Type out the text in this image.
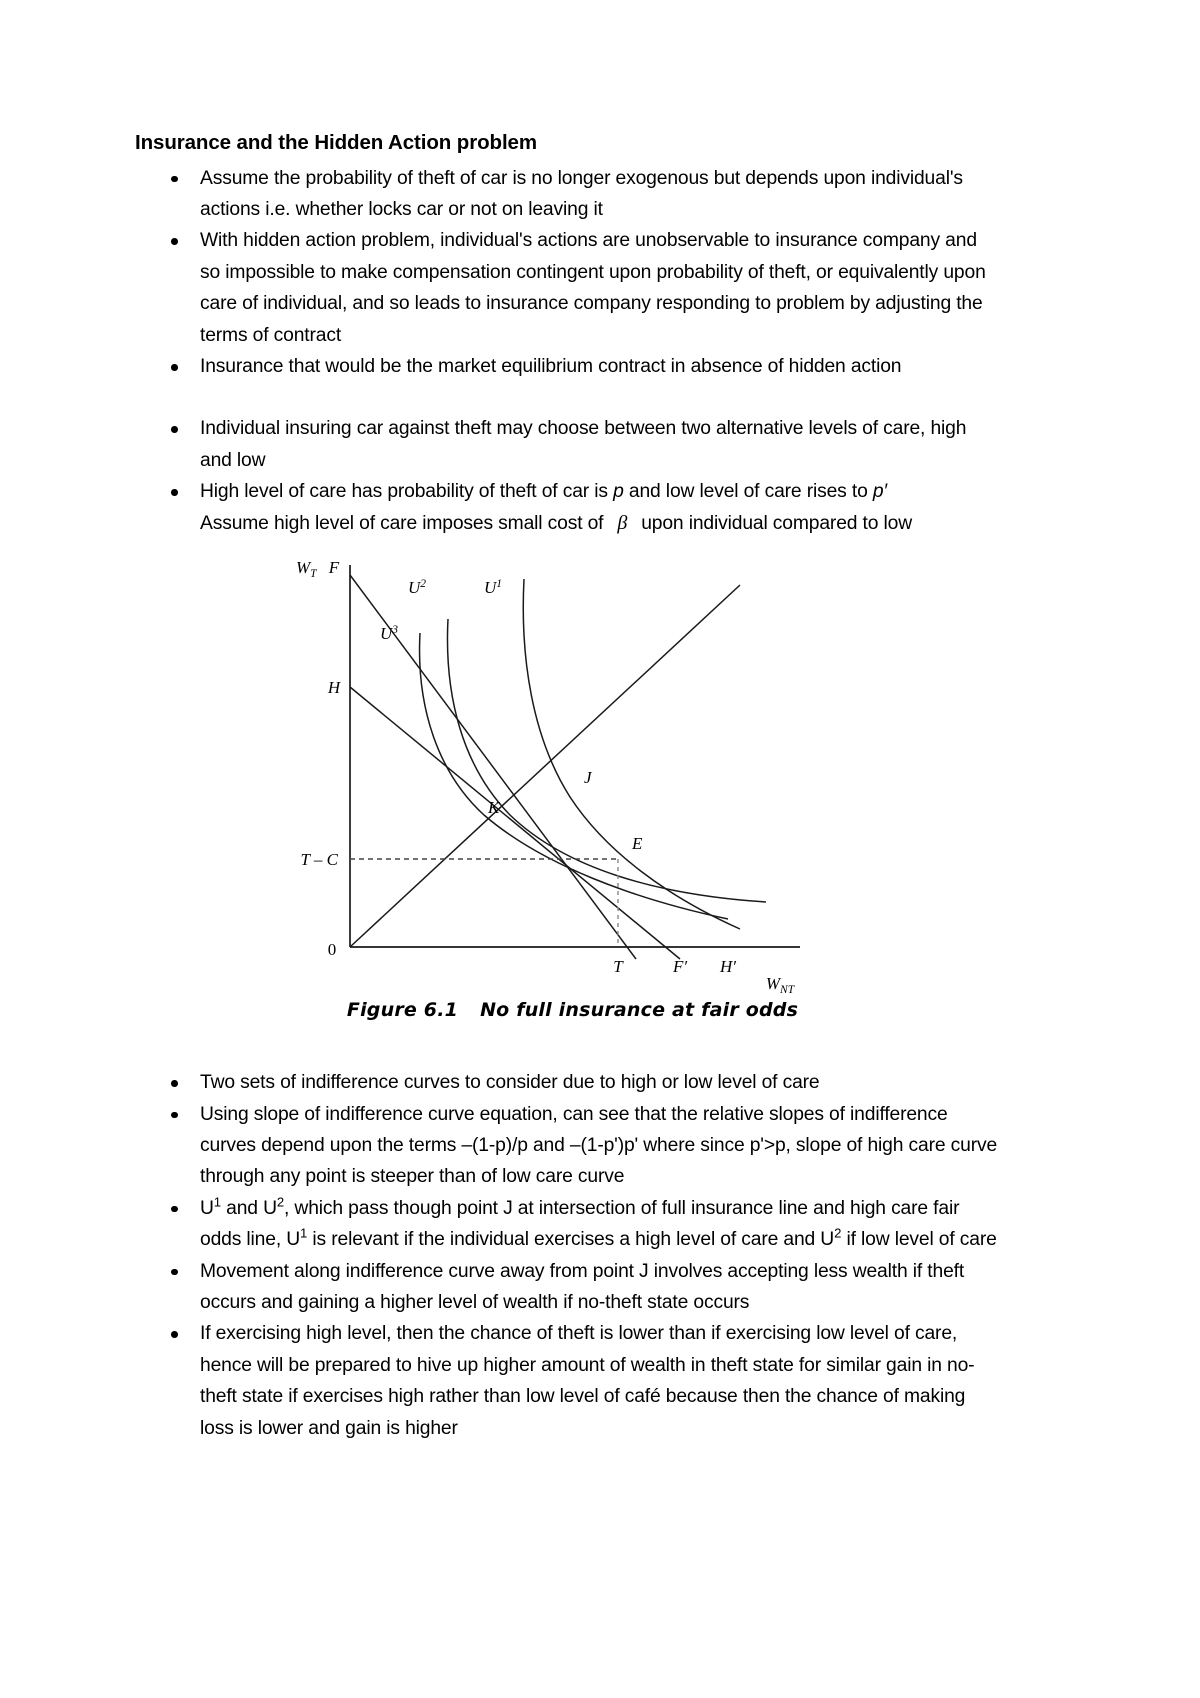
Insurance and the Hidden Action problem
Assume the probability of theft of car is no longer exogenous but depends upon individual's actions i.e. whether locks car or not on leaving it
With hidden action problem, individual's actions are unobservable to insurance company and so impossible to make compensation contingent upon probability of theft, or equivalently upon care of individual, and so leads to insurance company responding to problem by adjusting the terms of contract
Insurance that would be the market equilibrium contract in absence of hidden action
Individual insuring car against theft may choose between two alternative levels of care, high and low
High level of care has probability of theft of car is p and low level of care rises to p′
Assume high level of care imposes small cost of β upon individual compared to low
$W_T$ F
H
T – C
0
T	F′ H′
$W_{NT}$
$U^2$	$U^1$
$U^3$
J
K
E
Figure 6.1 No full insurance at fair odds
Two sets of indifference curves to consider due to high or low level of care
Using slope of indifference curve equation, can see that the relative slopes of indifference curves depend upon the terms –(1-p)/p and –(1-p')p' where since p'>p, slope of high care curve through any point is steeper than of low care curve
$U^1$ and $U^2$, which pass though point J at intersection of full insurance line and high care fair odds line, $U^1$ is relevant if the individual exercises a high level of care and $U^2$ if low level of care
Movement along indifference curve away from point J involves accepting less wealth if theft occurs and gaining a higher level of wealth if no-theft state occurs
If exercising high level, then the chance of theft is lower than if exercising low level of care, hence will be prepared to hive up higher amount of wealth in theft state for similar gain in no-theft state if exercises high rather than low level of café because then the chance of making loss is lower and gain is higher
